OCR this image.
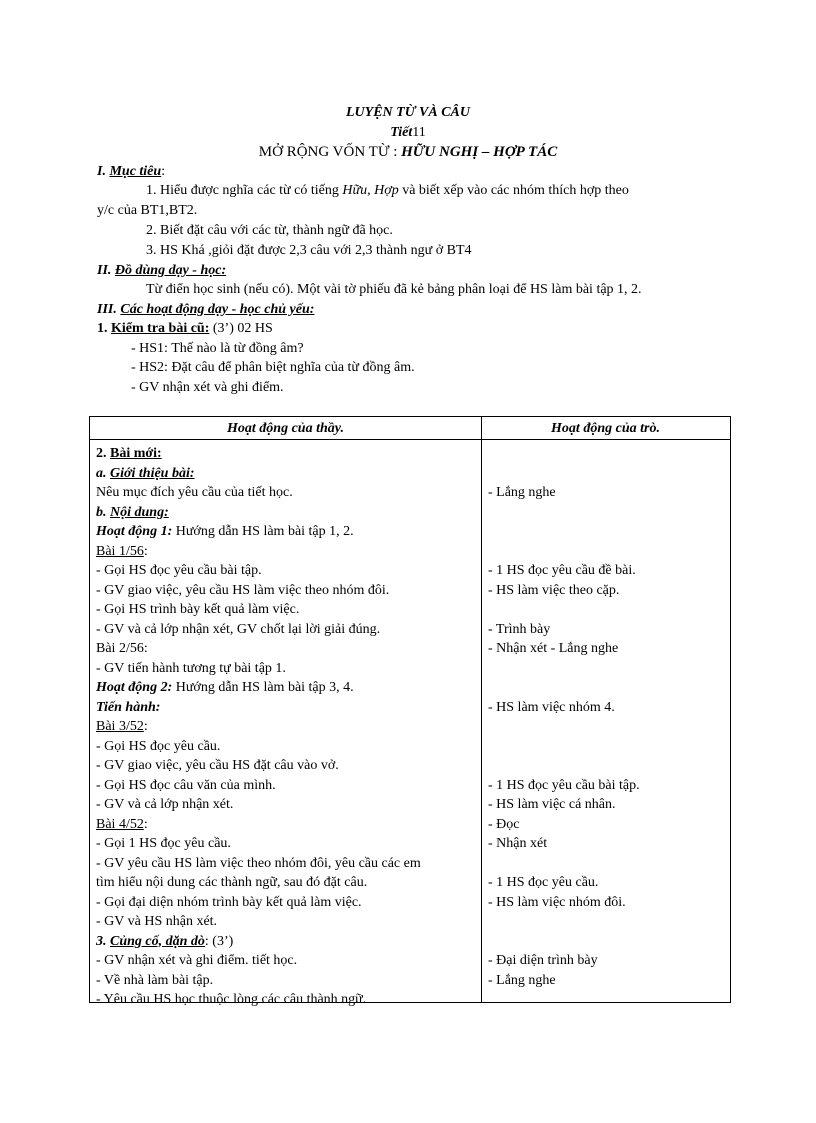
LUYỆN TỪ VÀ CÂU
Tiết11
MỞ RỘNG VỐN TỪ : HỮU NGHỊ – HỢP TÁC
I. Mục tiêu:
1. Hiểu được nghĩa các từ có tiếng Hữu, Hợp và biết xếp vào các nhóm thích hợp theo
y/c của BT1,BT2.
2. Biết đặt câu với các từ, thành ngữ đã học.
3. HS Khá ,giỏi đặt được 2,3 câu với 2,3 thành ngư ở BT4
II. Đồ dùng dạy - học:
Từ điển học sinh (nếu có). Một vài tờ phiếu đã kẻ bảng phân loại để HS làm bài tập 1, 2.
III. Các hoạt động dạy - học chủ yếu:
1. Kiểm tra bài cũ: (3’) 02 HS
- HS1: Thế nào là từ đồng âm?
- HS2: Đặt câu để phân biệt nghĩa của từ đồng âm.
- GV nhận xét và ghi điểm.
Hoạt động của thầy.	Hoạt động của trò.
2. Bài mới:
a. Giới thiệu bài:
Nêu mục đích yêu cầu của tiết học.
b. Nội dung:
Hoạt động 1: Hướng dẫn HS làm bài tập 1, 2.
Bài 1/56:
- Gọi HS đọc yêu cầu bài tập.
- GV giao việc, yêu cầu HS làm việc theo nhóm đôi.
- Gọi HS trình bày kết quả làm việc.
- GV và cả lớp nhận xét, GV chốt lại lời giải đúng.
Bài 2/56:
- GV tiến hành tương tự bài tập 1.
Hoạt động 2: Hướng dẫn HS làm bài tập 3, 4.
Tiến hành:
Bài 3/52:
- Gọi HS đọc yêu cầu.
- GV giao việc, yêu cầu HS đặt câu vào vở.
- Gọi HS đọc câu văn của mình.
- GV và cả lớp nhận xét.
Bài 4/52:
- Gọi 1 HS đọc yêu cầu.
- GV yêu cầu HS làm việc theo nhóm đôi, yêu cầu các em
tìm hiểu nội dung các thành ngữ, sau đó đặt câu.
- Gọi đại diện nhóm trình bày kết quả làm việc.
- GV và HS nhận xét.
3. Củng cố, dặn dò: (3’)
- GV nhận xét và ghi điểm. tiết học.
- Về nhà làm bài tập.
- Yêu cầu HS học thuộc lòng các câu thành ngữ.
- Lắng nghe
- 1 HS đọc yêu cầu đề bài.
- HS làm việc theo cặp.
- Trình bày
- Nhận xét - Lắng nghe
- HS làm việc nhóm 4.
- 1 HS đọc yêu cầu bài tập.
- HS làm việc cá nhân.
- Đọc
- Nhận xét
- 1 HS đọc yêu cầu.
- HS làm việc nhóm đôi.
- Đại diện trình bày
- Lắng nghe
